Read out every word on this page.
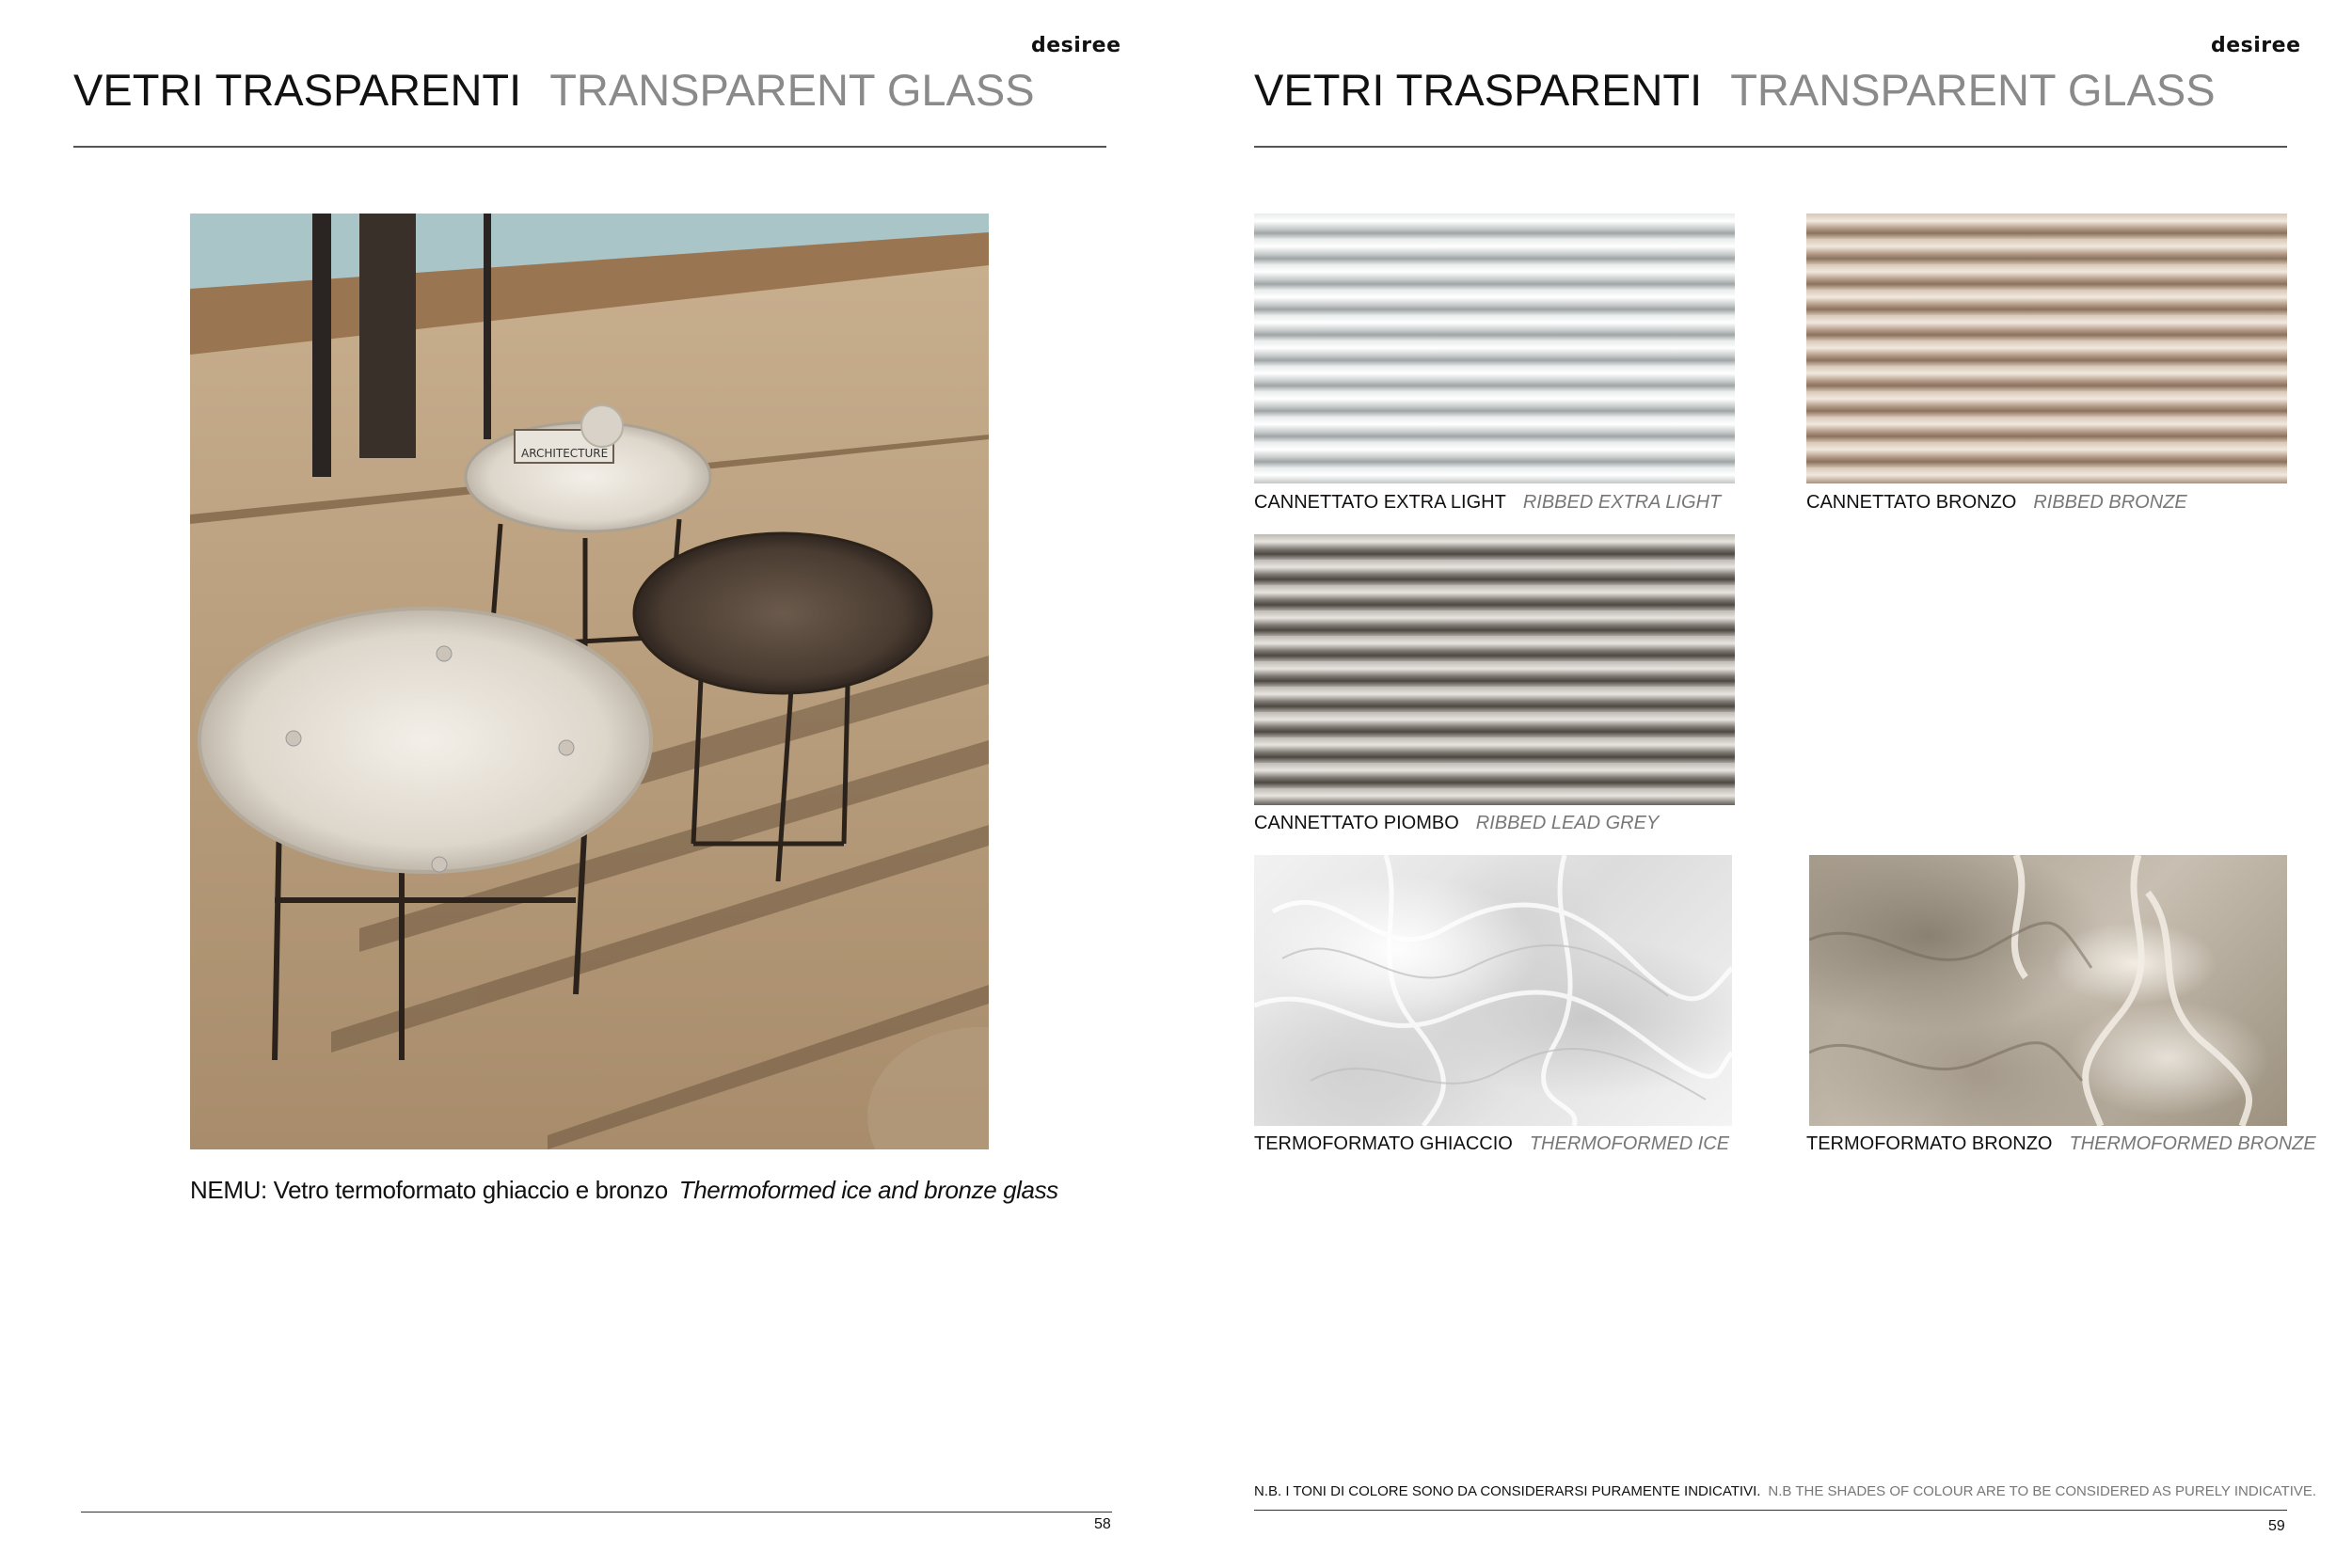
desiree
VETRI TRASPARENTI TRANSPARENT GLASS
ARCHITECTURE
NEMU: Vetro termoformato ghiaccio e bronzo Thermoformed ice and bronze glass
58
desiree
VETRI TRASPARENTI TRANSPARENT GLASS
CANNETTATO EXTRA LIGHT RIBBED EXTRA LIGHT	CANNETTATO BRONZO RIBBED BRONZE
CANNETTATO PIOMBO RIBBED LEAD GREY
TERMOFORMATO GHIACCIO THERMOFORMED ICE	TERMOFORMATO BRONZO THERMOFORMED BRONZE
N.B. I TONI DI COLORE SONO DA CONSIDERARSI PURAMENTE INDICATIVI. N.B THE SHADES OF COLOUR ARE TO BE CONSIDERED AS PURELY INDICATIVE.
59
